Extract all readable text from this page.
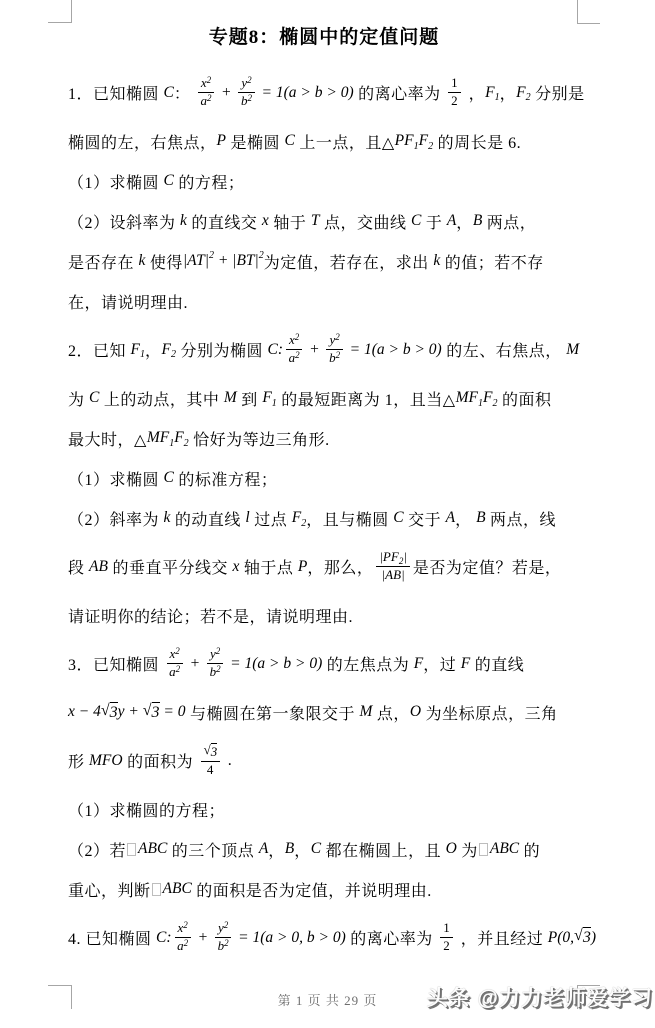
专题8：椭圆中的定值问题
1．已知椭圆 C ： $\frac{x^2}{a^2} + \frac{y^2}{b^2} = 1(a > b > 0)$ 的离心率为 $\frac{1}{2}$ ， F 1 ， F 2 分别是
椭圆的左，右焦点， P 是椭圆 C 上一点，且△ PF 1 F 2 的周长是 6.
（1）求椭圆 C 的方程；
（2）设斜率为 k 的直线交 x 轴于 T 点，交曲线 C 于 A ， B 两点，
是否存在 k 使得 |AT| 2 + |BT| 2 为定值，若存在，求出 k 的值；若不存
在，请说明理由.
2．已知 F 1 ， F 2 分别为椭圆 C: $\frac{x^2}{a^2} + \frac{y^2}{b^2} = 1(a > b > 0)$ 的左、右焦点， M
为 C 上的动点，其中 M 到 F 1 的最短距离为 1，且当△ MF 1 F 2 的面积
最大时，△ MF 1 F 2 恰好为等边三角形.
（1）求椭圆 C 的标准方程；
（2）斜率为 k 的动直线 l 过点 F 2 ，且与椭圆 C 交于 A ， B 两点，线
段 AB 的垂直平分线交 x 轴于点 P ，那么， $\frac{|PF_2|}{|AB|}$ 是否为定值？若是，
请证明你的结论；若不是，请说明理由.
3．已知椭圆 $\frac{x^2}{a^2} + \frac{y^2}{b^2} = 1(a > b > 0)$ 的左焦点为 F ，过 F 的直线
x − 4 √ 3 y + √ 3 = 0 与椭圆在第一象限交于 M 点， O 为坐标原点，三角
形 MFO 的面积为 $\frac{√ 3}{4}$ .
（1）求椭圆的方程；
（2）若 ABC 的三个顶点 A ， B ， C 都在椭圆上，且 O 为 ABC 的
重心，判断 ABC 的面积是否为定值，并说明理由.
4. 已知椭圆 C: $\frac{x^2}{a^2} + \frac{y^2}{b^2} = 1(a > 0$, b > 0) 的离心率为 $\frac{1}{2}$ ，并且经过 P (0, √ 3 )
第 1 页 共 29 页	头条 @力力老师爱学习
